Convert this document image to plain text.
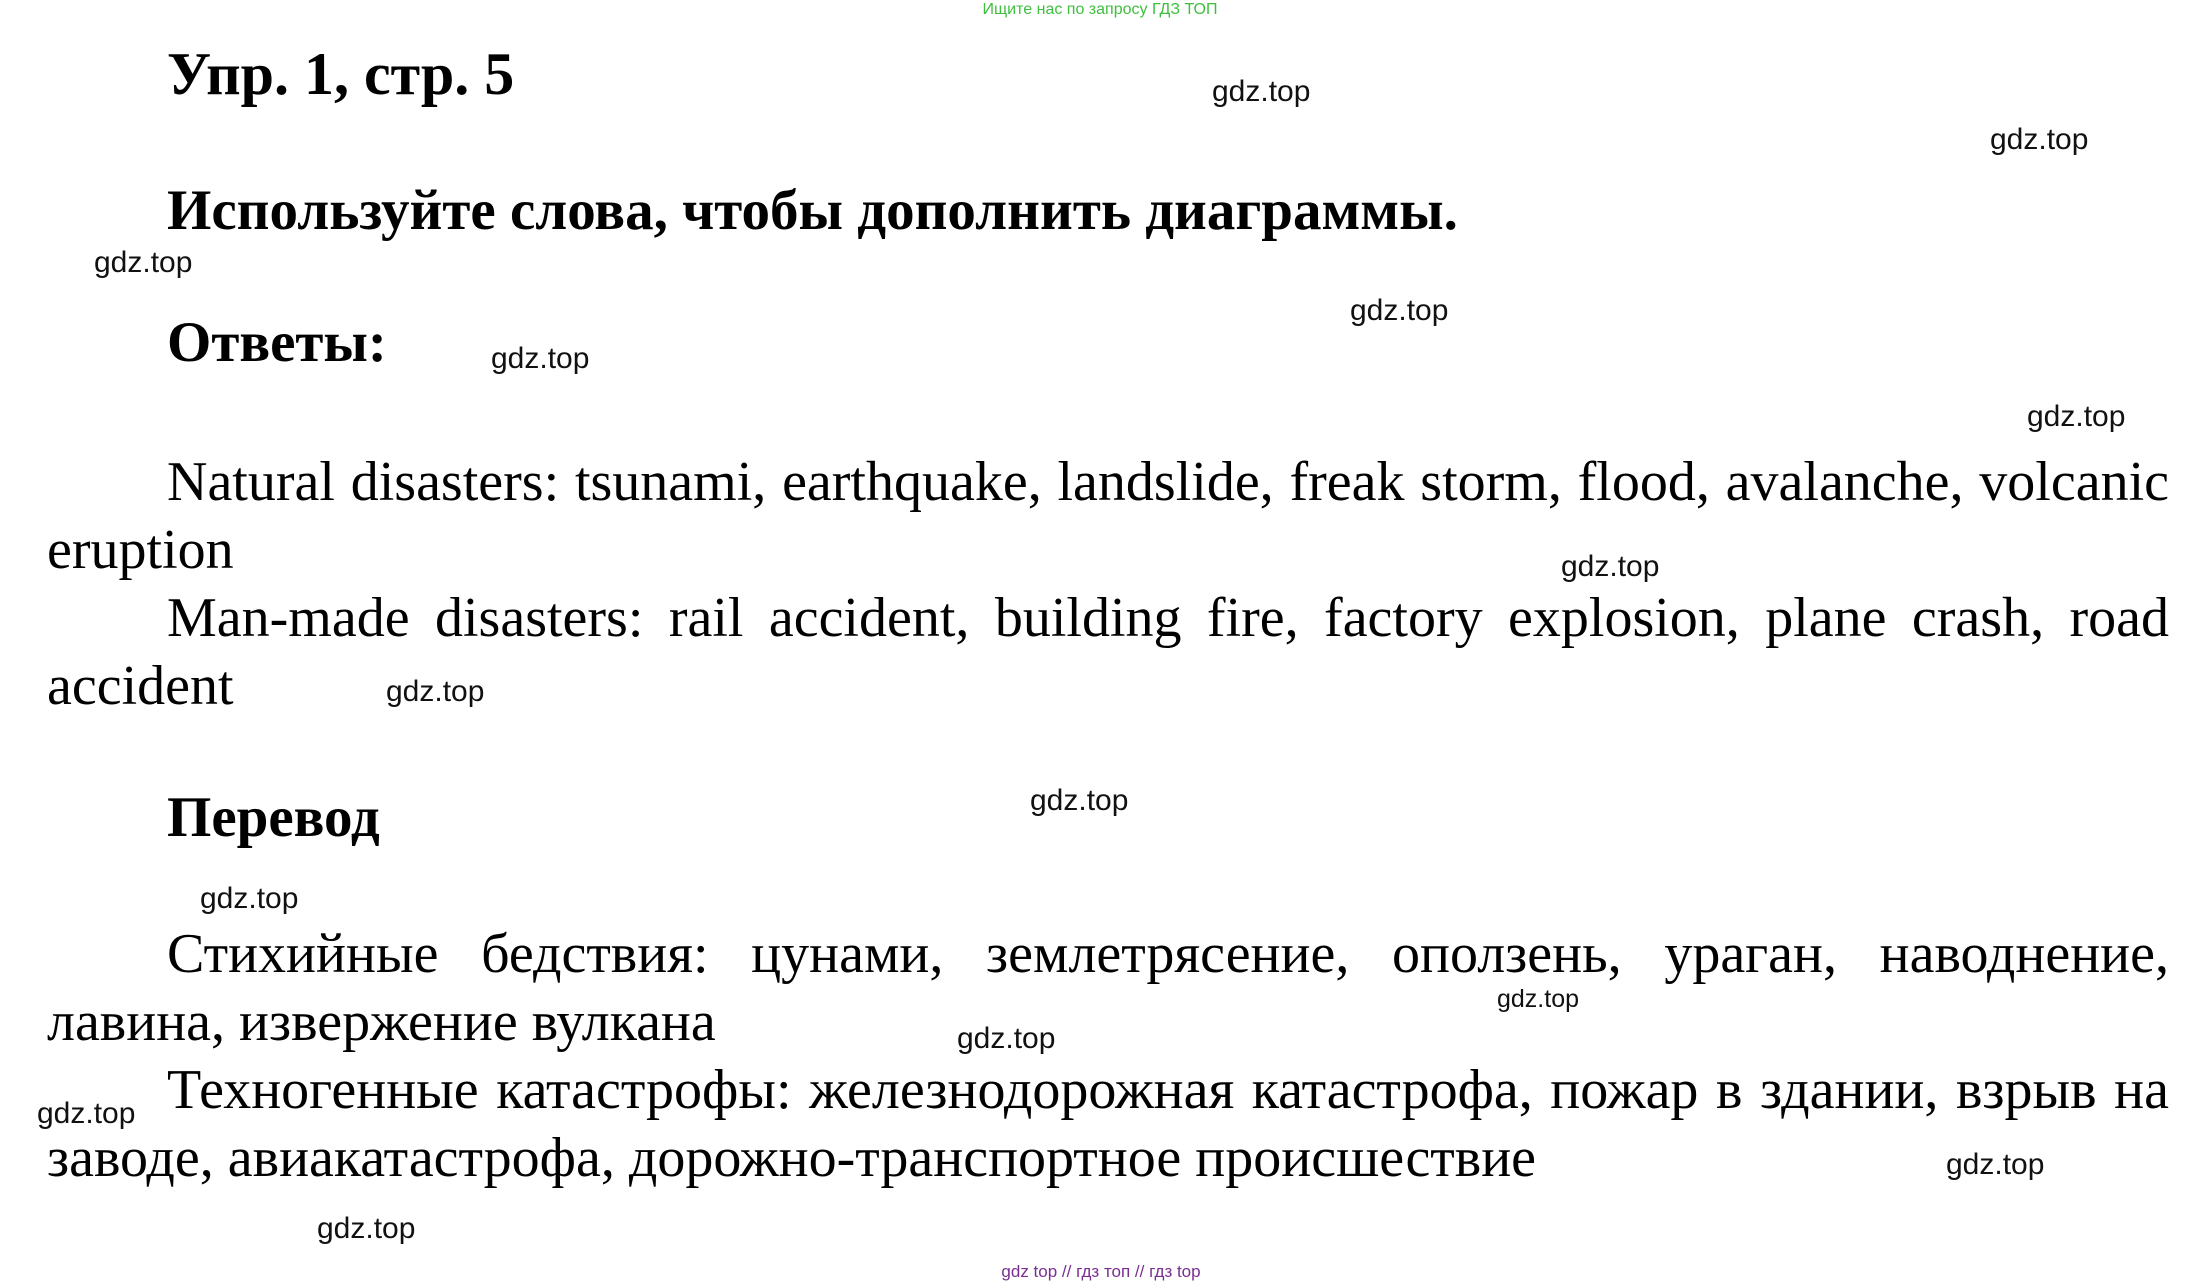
Ищите нас по запросу ГДЗ ТОП
Упр. 1, стр. 5
Используйте слова, чтобы дополнить диаграммы.
Ответы:

Natural disasters: tsunami, earthquake, landslide, freak storm, flood, avalanche, volcanic eruption

Man-made disasters: rail accident, building fire, factory explosion, plane crash, road accident

Перевод

Стихийные бедствия: цунами, землетрясение, оползень, ураган, наводнение, лавина, извержение вулкана

Техногенные катастрофы: железнодорожная катастрофа, пожар в здании, взрыв на заводе, авиакатастрофа, дорожно-транспортное происшествие

gdz.top
gdz.top
gdz.top
gdz.top
gdz.top
gdz.top
gdz.top
gdz.top
gdz.top
gdz.top
gdz.top
gdz.top
gdz.top
gdz.top
gdz.top
gdz top // гдз топ // гдз top
